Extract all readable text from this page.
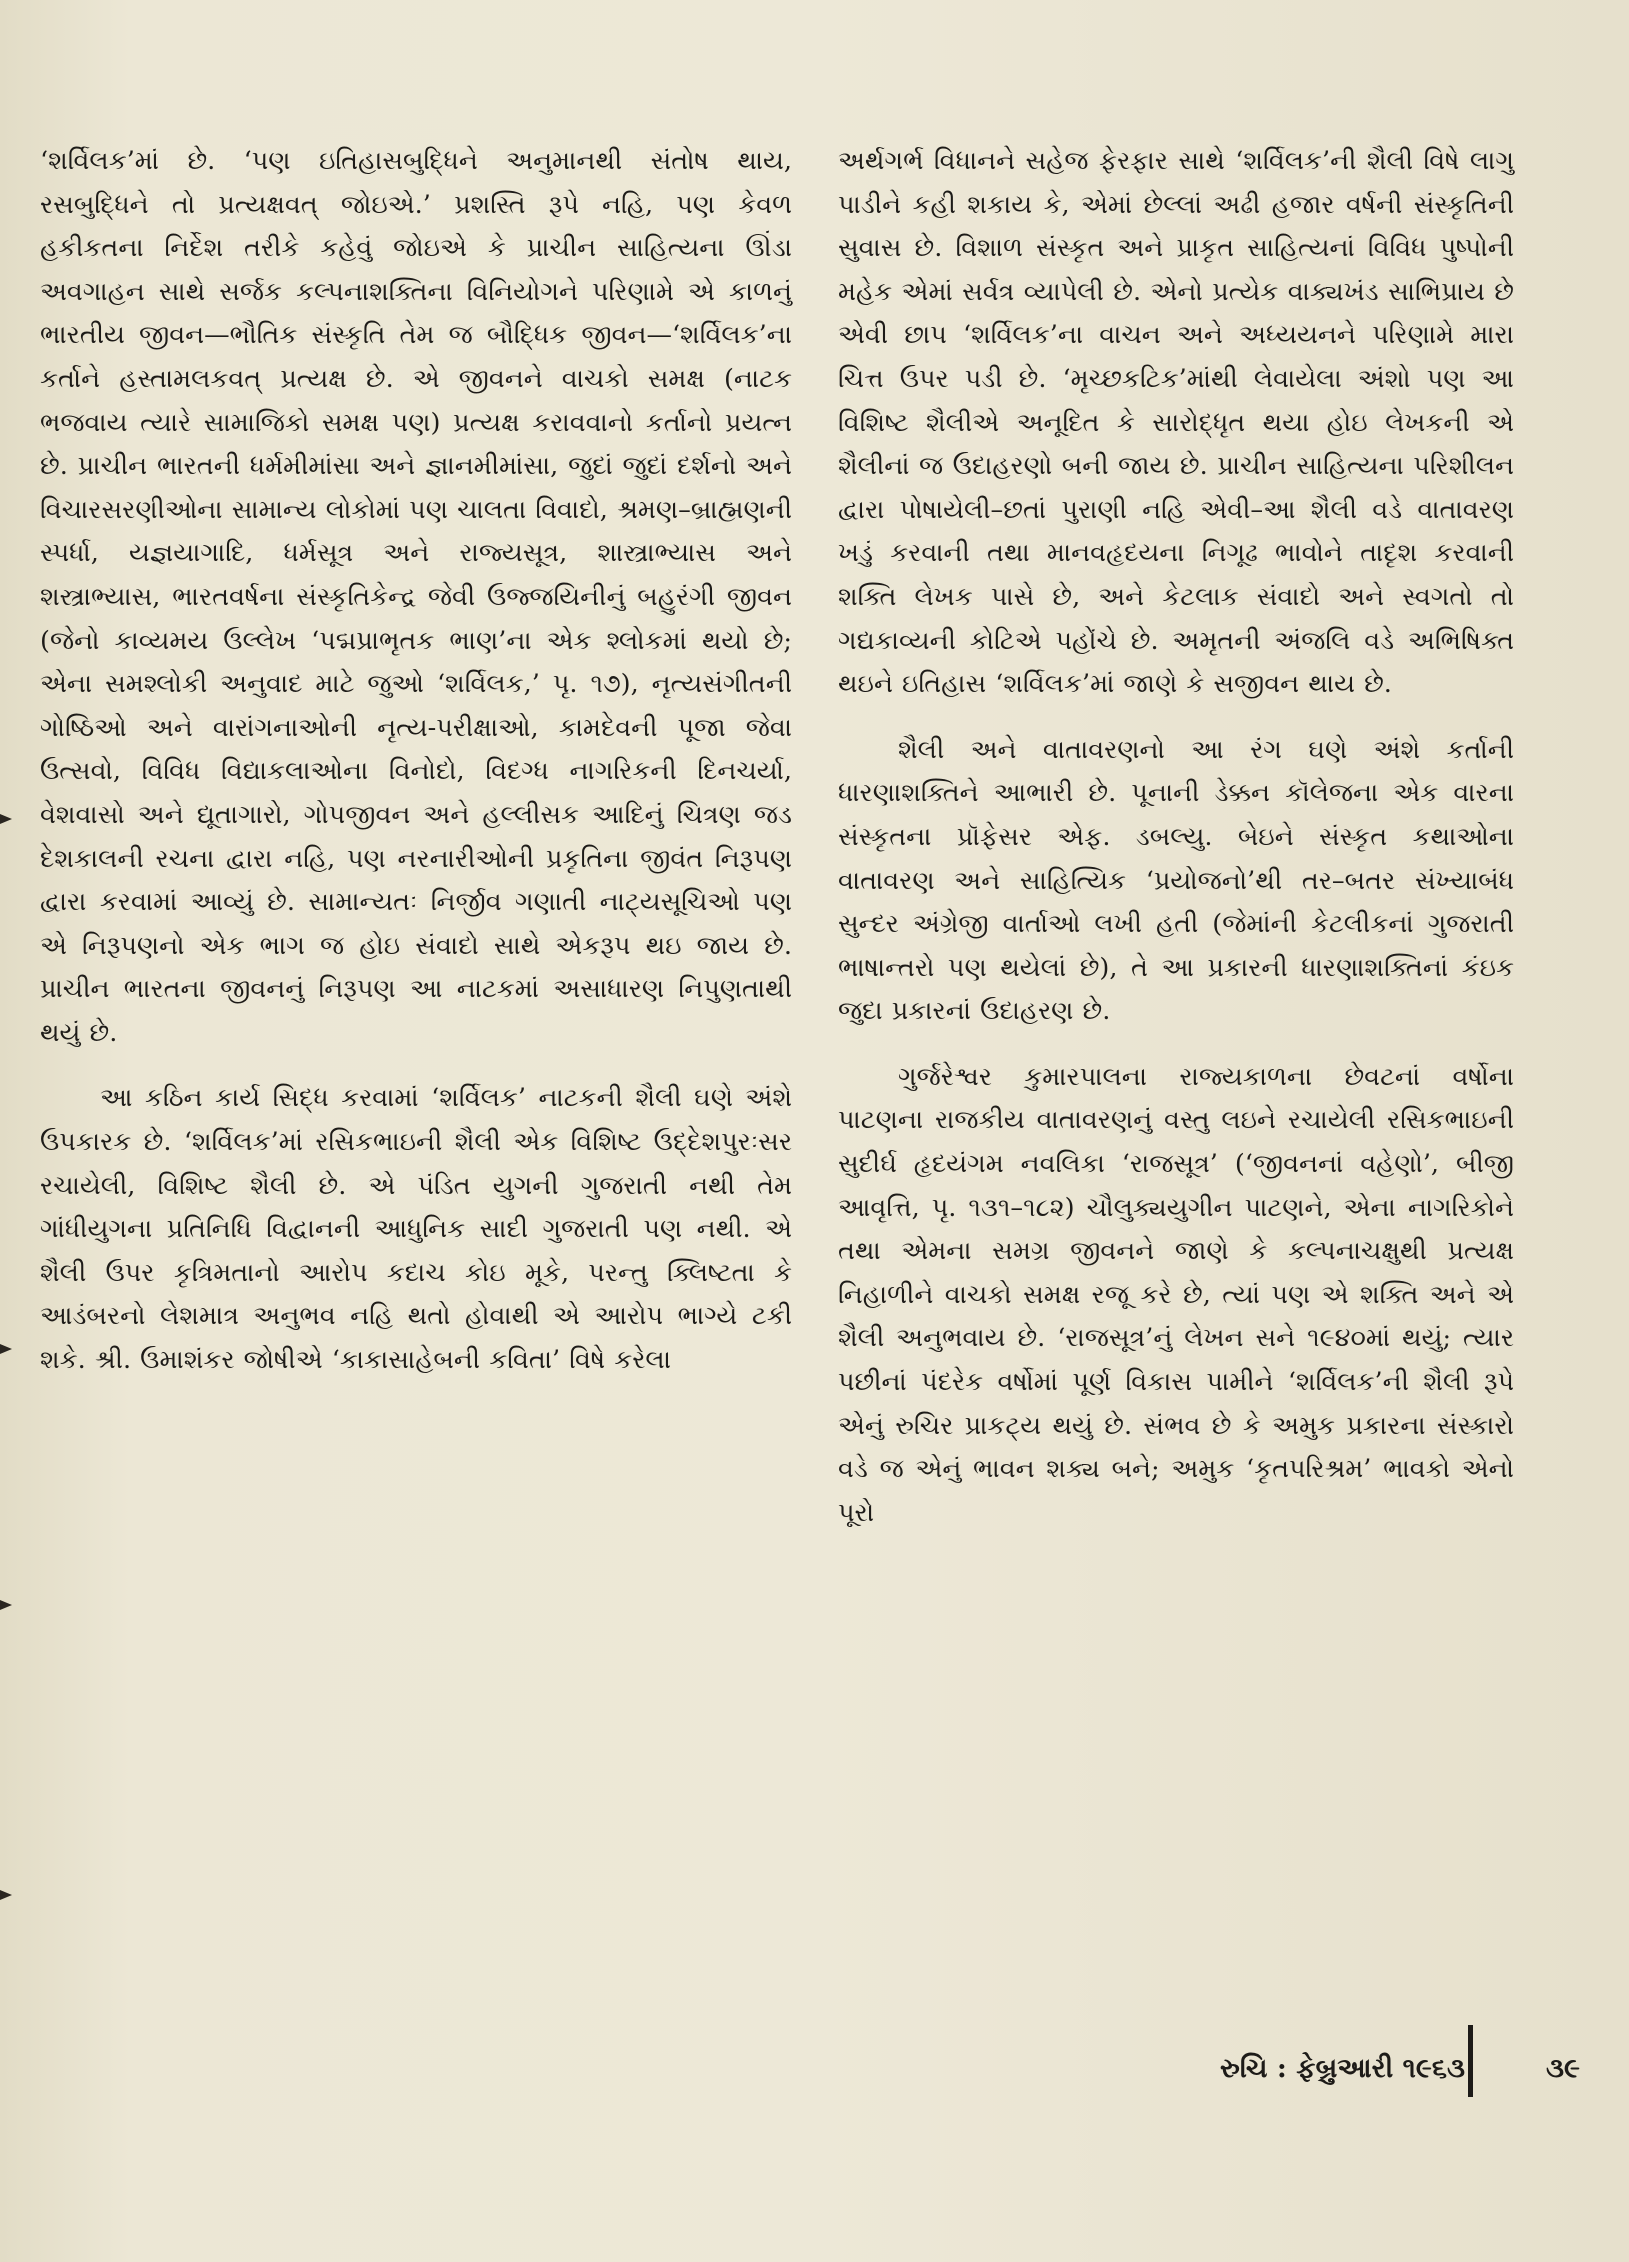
‘શર્વિલક’માં છે. ‘પણ ઇતિહાસબુદ્ધિને અનુમાનથી સંતોષ થાય, રસબુદ્ધિને તો પ્રત્યક્ષવત્ જોઇએ.’ પ્રશસ્તિ રૂપે નહિ, પણ કેવળ હકીકતના નિર્દેશ તરીકે કહેવું જોઇએ કે પ્રાચીન સાહિત્યના ઊંડા અવગાહન સાથે સર્જક કલ્પનાશક્તિના વિનિયોગને પરિણામે એ કાળનું ભારતીય જીવન—ભૌતિક સંસ્કૃતિ તેમ જ બૌદ્ધિક જીવન—‘શર્વિલક’ના કર્તાને હસ્તામલકવત્ પ્રત્યક્ષ છે. એ જીવનને વાચકો સમક્ષ (નાટક ભજવાય ત્યારે સામાજિકો સમક્ષ પણ) પ્રત્યક્ષ કરાવવાનો કર્તાનો પ્રયત્ન છે. પ્રાચીન ભારતની ધર્મમીમાંસા અને જ્ઞાનમીમાંસા, જુદાં જુદાં દર્શનો અને વિચારસરણીઓના સામાન્ય લોકોમાં પણ ચાલતા વિવાદો, શ્રમણ–બ્રાહ્મણની સ્પર્ધા, યજ્ઞયાગાદિ, ધર્મસૂત્ર અને રાજ્યસૂત્ર, શાસ્ત્રાભ્યાસ અને શસ્ત્રાભ્યાસ, ભારતવર્ષના સંસ્કૃતિકેન્દ્ર જેવી ઉજ્જયિનીનું બહુરંગી જીવન (જેનો કાવ્યમય ઉલ્લેખ ‘પદ્મપ્રાભૃતક ભાણ’ના એક શ્લોકમાં થયો છે; એના સમશ્લોકી અનુવાદ માટે જુઓ ‘શર્વિલક,’ પૃ. ૧૭), નૃત્યસંગીતની ગોષ્ઠિઓ અને વારાંગનાઓની નૃત્ય-પરીક્ષાઓ, કામદેવની પૂજા જેવા ઉત્સવો, વિવિધ વિદ્યાકલાઓના વિનોદો, વિદગ્ધ નાગરિકની દિનચર્યા, વેશવાસો અને દ્યૂતાગારો, ગોપજીવન અને હલ્લીસક આદિનું ચિત્રણ જડ દેશકાલની રચના દ્વારા નહિ, પણ નરનારીઓની પ્રકૃતિના જીવંત નિરૂપણ દ્વારા કરવામાં આવ્યું છે. સામાન્યતઃ નિર્જીવ ગણાતી નાટ્યસૂચિઓ પણ એ નિરૂપણનો એક ભાગ જ હોઇ સંવાદો સાથે એકરૂપ થઇ જાય છે. પ્રાચીન ભારતના જીવનનું નિરૂપણ આ નાટકમાં અસાધારણ નિપુણતાથી થયું છે.

આ કઠિન કાર્ય સિદ્ધ કરવામાં ‘શર્વિલક’ નાટકની શૈલી ઘણે અંશે ઉપકારક છે. ‘શર્વિલક’માં રસિકભાઇની શૈલી એક વિશિષ્ટ ઉદ્દેશપુરઃસર રચાયેલી, વિશિષ્ટ શૈલી છે. એ પંડિત યુગની ગુજરાતી નથી તેમ ગાંધીયુગના પ્રતિનિધિ વિદ્વાનની આધુનિક સાદી ગુજરાતી પણ નથી. એ શૈલી ઉપર કૃત્રિમતાનો આરોપ કદાચ કોઇ મૂકે, પરન્તુ ક્લિષ્ટતા કે આડંબરનો લેશમાત્ર અનુભવ નહિ થતો હોવાથી એ આરોપ ભાગ્યે ટકી શકે. શ્રી. ઉમાશંકર જોષીએ ‘કાકાસાહેબની કવિતા’ વિષે કરેલા

અર્થગર્ભ વિધાનને સહેજ ફેરફાર સાથે ‘શર્વિલક’ની શૈલી વિષે લાગુ પાડીને કહી શકાય કે, એમાં છેલ્લાં અઢી હજાર વર્ષની સંસ્કૃતિની સુવાસ છે. વિશાળ સંસ્કૃત અને પ્રાકૃત સાહિત્યનાં વિવિધ પુષ્પોની મહેક એમાં સર્વત્ર વ્યાપેલી છે. એનો પ્રત્યેક વાક્યખંડ સાભિપ્રાય છે એવી છાપ ‘શર્વિલક’ના વાચન અને અધ્યયનને પરિણામે મારા ચિત્ત ઉપર પડી છે. ‘મૃચ્છકટિક’માંથી લેવાયેલા અંશો પણ આ વિશિષ્ટ શૈલીએ અનૂદિત કે સારોદ્ધૃત થયા હોઇ લેખકની એ શૈલીનાં જ ઉદાહરણો બની જાય છે. પ્રાચીન સાહિત્યના પરિશીલન દ્વારા પોષાયેલી–છતાં પુરાણી નહિ એવી–આ શૈલી વડે વાતાવરણ ખડું કરવાની તથા માનવહૃદયના નિગૂઢ ભાવોને તાદૃશ કરવાની શક્તિ લેખક પાસે છે, અને કેટલાક સંવાદો અને સ્વગતો તો ગદ્યકાવ્યની કોટિએ પહોંચે છે. અમૃતની અંજલિ વડે અભિષિક્ત થઇને ઇતિહાસ ‘શર્વિલક’માં જાણે કે સજીવન થાય છે.

શૈલી અને વાતાવરણનો આ રંગ ઘણે અંશે કર્તાની ધારણાશક્તિને આભારી છે. પૂનાની ડેક્કન કૉલેજના એક વારના સંસ્કૃતના પ્રૉફેસર એફ. ડબલ્યુ. બેઇને સંસ્કૃત કથાઓના વાતાવરણ અને સાહિત્યિક ‘પ્રયોજનો’થી તર–બતર સંખ્યાબંધ સુન્દર અંગ્રેજી વાર્તાઓ લખી હતી (જેમાંની કેટલીકનાં ગુજરાતી ભાષાન્તરો પણ થયેલાં છે), તે આ પ્રકારની ધારણાશક્તિનાં કંઇક જુદા પ્રકારનાં ઉદાહરણ છે.

ગુર્જરેશ્વર કુમારપાલના રાજ્યકાળના છેવટનાં વર્ષોના પાટણના રાજકીય વાતાવરણનું વસ્તુ લઇને રચાયેલી રસિકભાઇની સુદીર્ઘ હૃદયંગમ નવલિકા ‘રાજસૂત્ર’ (‘જીવનનાં વહેણો’, બીજી આવૃત્તિ, પૃ. ૧૩૧–૧૮૨) ચૌલુક્યયુગીન પાટણને, એના નાગરિકોને તથા એમના સમગ્ર જીવનને જાણે કે કલ્પનાચક્ષુથી પ્રત્યક્ષ નિહાળીને વાચકો સમક્ષ રજૂ કરે છે, ત્યાં પણ એ શક્તિ અને એ શૈલી અનુભવાય છે. ‘રાજસૂત્ર’નું લેખન સને ૧૯૪૦માં થયું; ત્યાર પછીનાં પંદરેક વર્ષોમાં પૂર્ણ વિકાસ પામીને ‘શર્વિલક’ની શૈલી રૂપે એનું રુચિર પ્રાકટ્ય થયું છે. સંભવ છે કે અમુક પ્રકારના સંસ્કારો વડે જ એનું ભાવન શક્ય બને; અમુક ‘કૃતપરિશ્રમ’ ભાવકો એનો પૂરો

રુચિ : ફેબ્રુઆરી ૧૯૬૩	૩૯
